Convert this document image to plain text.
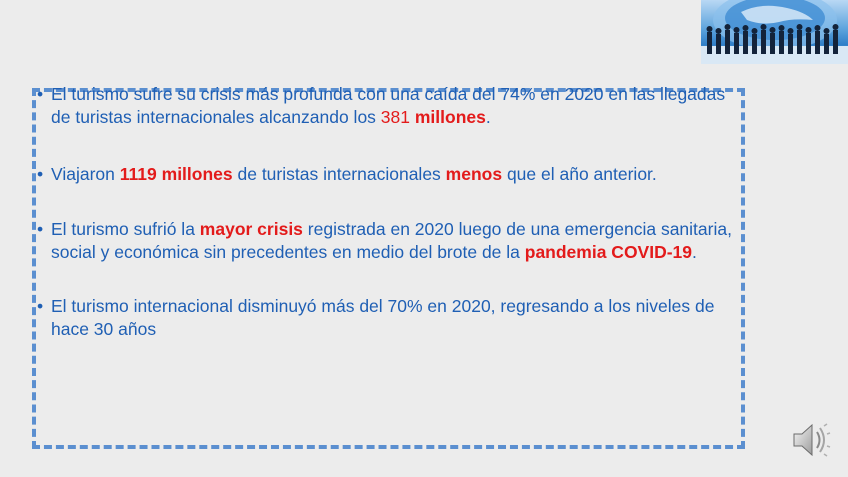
• El turismo sufre su crisis más profunda con una caída del 74% en 2020 en las llegadas de turistas internacionales alcanzando los 381 millones.
• Viajaron 1119 millones de turistas internacionales menos que el año anterior.
• El turismo sufrió la mayor crisis registrada en 2020 luego de una emergencia sanitaria, social y económica sin precedentes en medio del brote de la pandemia COVID-19.
• El turismo internacional disminuyó más del 70% en 2020, regresando a los niveles de hace 30 años
